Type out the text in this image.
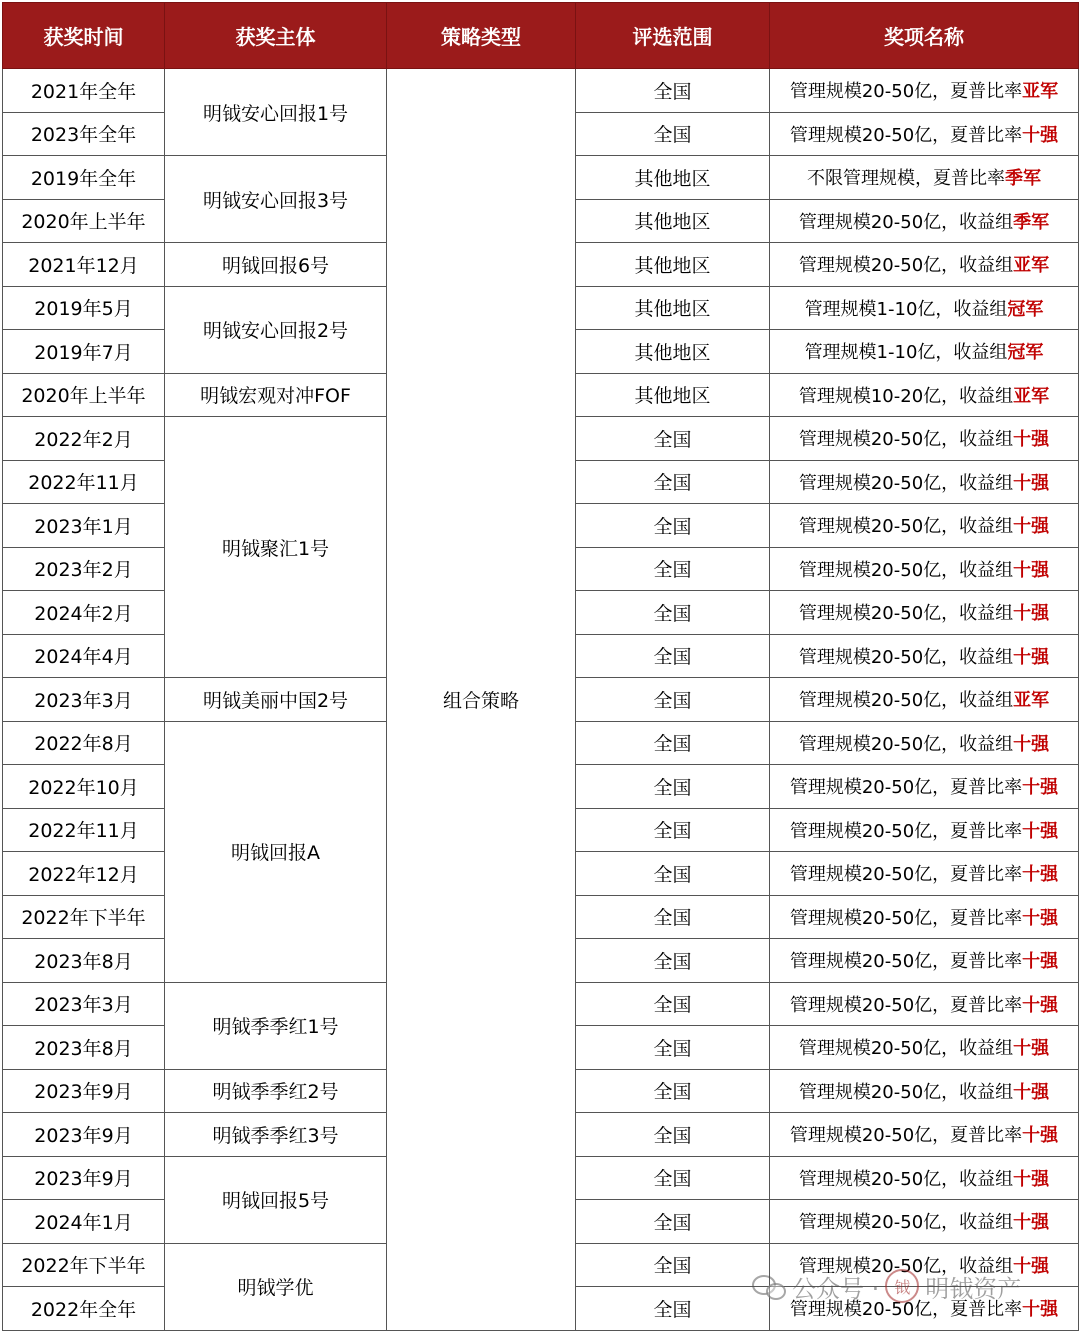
获奖时间	获奖主体	策略类型	评选范围	奖项名称
2021年全年	明钺安心回报1号	组合策略	全国	管理规模20-50亿，夏普比率亚军
2023年全年			全国	管理规模20-50亿，夏普比率十强
2019年全年	明钺安心回报3号		其他地区	不限管理规模，夏普比率季军
2020年上半年			其他地区	管理规模20-50亿，收益组季军
2021年12月	明钺回报6号		其他地区	管理规模20-50亿，收益组亚军
2019年5月	明钺安心回报2号		其他地区	管理规模1-10亿，收益组冠军
2019年7月			其他地区	管理规模1-10亿，收益组冠军
2020年上半年	明钺宏观对冲FOF		其他地区	管理规模10-20亿，收益组亚军
2022年2月	明钺聚汇1号		全国	管理规模20-50亿，收益组十强
2022年11月			全国	管理规模20-50亿，收益组十强
2023年1月			全国	管理规模20-50亿，收益组十强
2023年2月			全国	管理规模20-50亿，收益组十强
2024年2月			全国	管理规模20-50亿，收益组十强
2024年4月			全国	管理规模20-50亿，收益组十强
2023年3月	明钺美丽中国2号		全国	管理规模20-50亿，收益组亚军
2022年8月	明钺回报A		全国	管理规模20-50亿，收益组十强
2022年10月			全国	管理规模20-50亿，夏普比率十强
2022年11月			全国	管理规模20-50亿，夏普比率十强
2022年12月			全国	管理规模20-50亿，夏普比率十强
2022年下半年			全国	管理规模20-50亿，夏普比率十强
2023年8月			全国	管理规模20-50亿，夏普比率十强
2023年3月	明钺季季红1号		全国	管理规模20-50亿，夏普比率十强
2023年8月			全国	管理规模20-50亿，收益组十强
2023年9月	明钺季季红2号		全国	管理规模20-50亿，收益组十强
2023年9月	明钺季季红3号		全国	管理规模20-50亿，夏普比率十强
2023年9月	明钺回报5号		全国	管理规模20-50亿，收益组十强
2024年1月			全国	管理规模20-50亿，收益组十强
2022年下半年	明钺学优		全国	管理规模20-50亿，收益组十强
2022年全年			全国	管理规模20-50亿，夏普比率十强
公众号 · 钺 明钺资产
